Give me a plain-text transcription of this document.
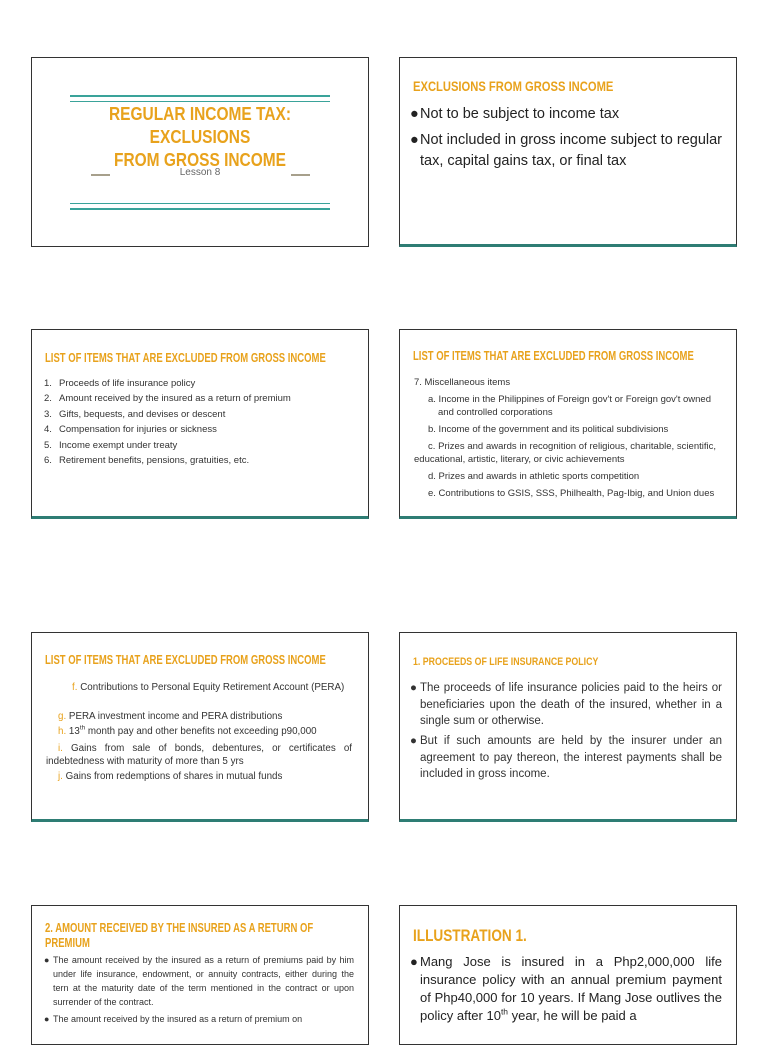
REGULAR INCOME TAX:
EXCLUSIONS
FROM GROSS INCOME
Lesson 8
EXCLUSIONS FROM GROSS INCOME
● Not to be subject to income tax
● Not included in gross income subject to regular tax, capital gains tax, or final tax
LIST OF ITEMS THAT ARE EXCLUDED FROM GROSS INCOME
1. Proceeds of life insurance policy
2. Amount received by the insured as a return of premium
3. Gifts, bequests, and devises or descent
4. Compensation for injuries or sickness
5. Income exempt under treaty
6. Retirement benefits, pensions, gratuities, etc.
LIST OF ITEMS THAT ARE EXCLUDED FROM GROSS INCOME
7. Miscellaneous items
a. Income in the Philippines of Foreign gov't or Foreign gov't owned and controlled corporations
b. Income of the government and its political subdivisions
c. Prizes and awards in recognition of religious, charitable, scientific, educational, artistic, literary, or civic achievements
d. Prizes and awards in athletic sports competition
e. Contributions to GSIS, SSS, Philhealth, Pag-Ibig, and Union dues
LIST OF ITEMS THAT ARE EXCLUDED FROM GROSS INCOME
f. Contributions to Personal Equity Retirement Account (PERA)
g. PERA investment income and PERA distributions
h. 13th month pay and other benefits not exceeding p90,000
i. Gains from sale of bonds, debentures, or certificates of indebtedness with maturity of more than 5 yrs
j. Gains from redemptions of shares in mutual funds
1. PROCEEDS OF LIFE INSURANCE POLICY
● The proceeds of life insurance policies paid to the heirs or beneficiaries upon the death of the insured, whether in a single sum or otherwise.
● But if such amounts are held by the insurer under an agreement to pay thereon, the interest payments shall be included in gross income.
2. AMOUNT RECEIVED BY THE INSURED AS A RETURN OF PREMIUM
● The amount received by the insured as a return of premiums paid by him under life insurance, endowment, or annuity contracts, either during the tern at the maturity date of the term mentioned in the contract or upon surrender of the contract.
● The amount received by the insured as a return of premium on
ILLUSTRATION 1.
● Mang Jose is insured in a Php2,000,000 life insurance policy with an annual premium payment of Php40,000 for 10 years. If Mang Jose outlives the policy after 10th year, he will be paid a
